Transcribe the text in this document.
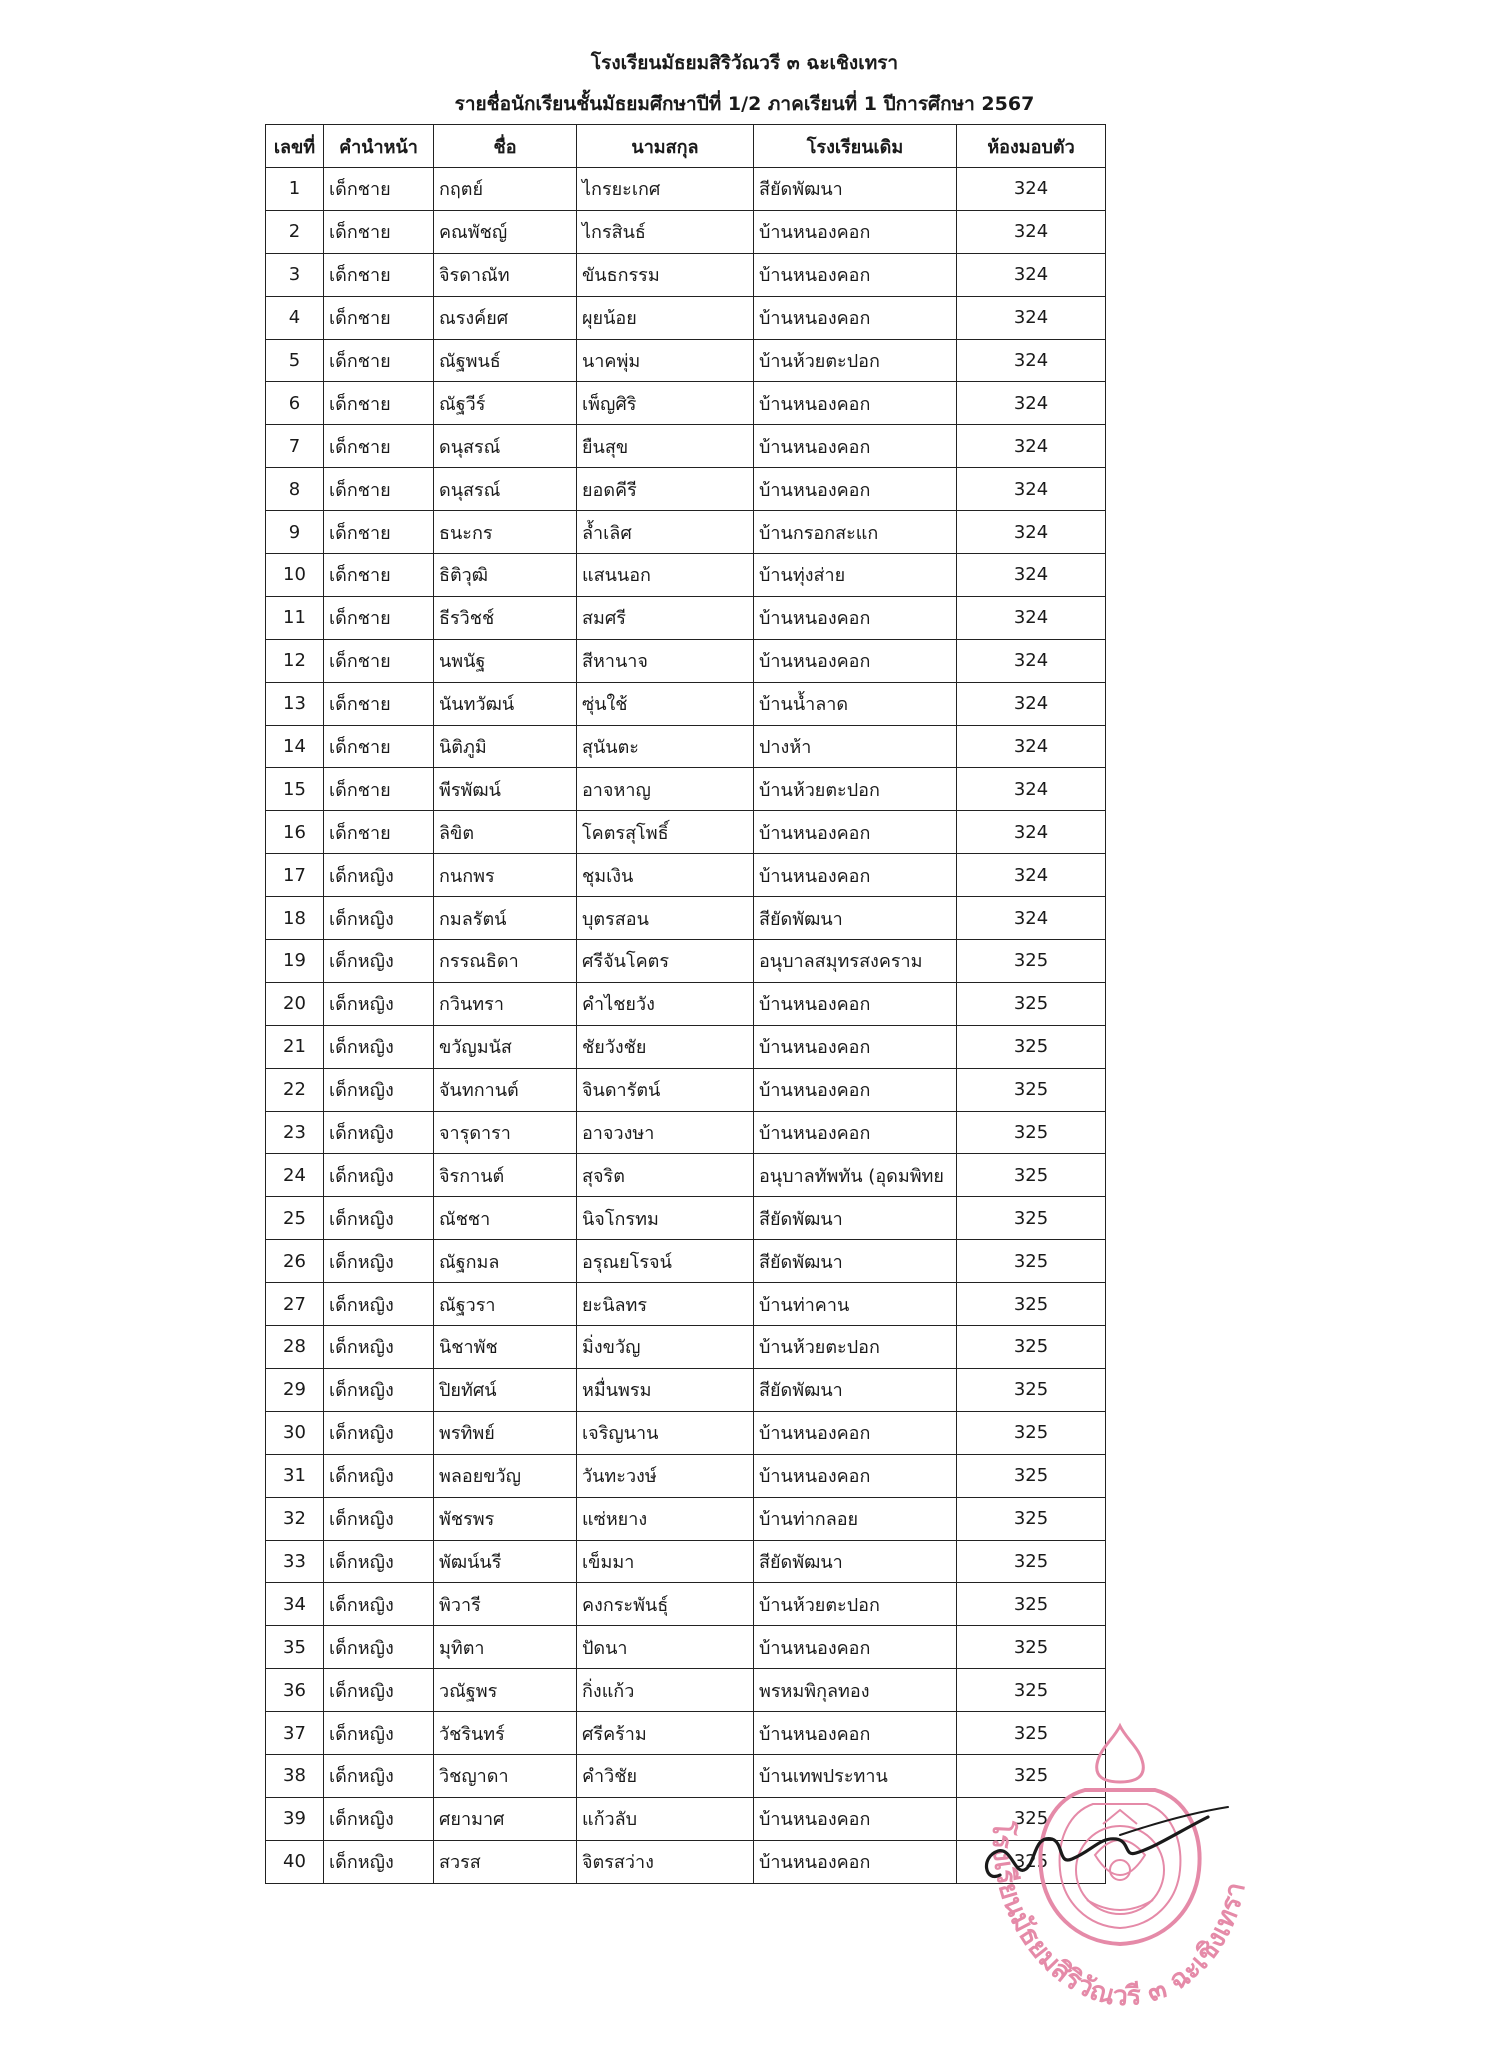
โรงเรียนมัธยมสิริวัณวรี ๓ ฉะเชิงเทรา
รายชื่อนักเรียนชั้นมัธยมศึกษาปีที่ 1/2 ภาคเรียนที่ 1 ปีการศึกษา 2567
เลขที่	คำนำหน้า	ชื่อ	นามสกุล	โรงเรียนเดิม	ห้องมอบตัว
1	เด็กชาย	กฤตย์	ไกรยะเกศ	สียัดพัฒนา	324
2	เด็กชาย	คณพัชญ์	ไกรสินธ์	บ้านหนองคอก	324
3	เด็กชาย	จิรดาณัท	ขันธกรรม	บ้านหนองคอก	324
4	เด็กชาย	ณรงค์ยศ	ผุยน้อย	บ้านหนองคอก	324
5	เด็กชาย	ณัฐพนธ์	นาคพุ่ม	บ้านห้วยตะปอก	324
6	เด็กชาย	ณัฐวีร์	เพ็ญศิริ	บ้านหนองคอก	324
7	เด็กชาย	ดนุสรณ์	ยืนสุข	บ้านหนองคอก	324
8	เด็กชาย	ดนุสรณ์	ยอดคีรี	บ้านหนองคอก	324
9	เด็กชาย	ธนะกร	ล้ำเลิศ	บ้านกรอกสะแก	324
10	เด็กชาย	ธิติวุฒิ	แสนนอก	บ้านทุ่งส่าย	324
11	เด็กชาย	ธีรวิชช์	สมศรี	บ้านหนองคอก	324
12	เด็กชาย	นพนัฐ	สีหานาจ	บ้านหนองคอก	324
13	เด็กชาย	นันทวัฒน์	ซุ่นใช้	บ้านน้ำลาด	324
14	เด็กชาย	นิติภูมิ	สุนันตะ	ปางห้า	324
15	เด็กชาย	พีรพัฒน์	อาจหาญ	บ้านห้วยตะปอก	324
16	เด็กชาย	ลิขิต	โคตรสุโพธิ์	บ้านหนองคอก	324
17	เด็กหญิง	กนกพร	ชุมเงิน	บ้านหนองคอก	324
18	เด็กหญิง	กมลรัตน์	บุตรสอน	สียัดพัฒนา	324
19	เด็กหญิง	กรรณธิดา	ศรีจันโคตร	อนุบาลสมุทรสงคราม	325
20	เด็กหญิง	กวินทรา	คำไชยวัง	บ้านหนองคอก	325
21	เด็กหญิง	ขวัญมนัส	ชัยวังชัย	บ้านหนองคอก	325
22	เด็กหญิง	จันทกานต์	จินดารัตน์	บ้านหนองคอก	325
23	เด็กหญิง	จารุดารา	อาจวงษา	บ้านหนองคอก	325
24	เด็กหญิง	จิรกานต์	สุจริต	อนุบาลทัพทัน (อุดมพิทย	325
25	เด็กหญิง	ณัชชา	นิจโกรทม	สียัดพัฒนา	325
26	เด็กหญิง	ณัฐกมล	อรุณยโรจน์	สียัดพัฒนา	325
27	เด็กหญิง	ณัฐวรา	ยะนิลทร	บ้านท่าคาน	325
28	เด็กหญิง	นิชาพัช	มิ่งขวัญ	บ้านห้วยตะปอก	325
29	เด็กหญิง	ปิยทัศน์	หมื่นพรม	สียัดพัฒนา	325
30	เด็กหญิง	พรทิพย์	เจริญนาน	บ้านหนองคอก	325
31	เด็กหญิง	พลอยขวัญ	วันทะวงษ์	บ้านหนองคอก	325
32	เด็กหญิง	พัชรพร	แซ่หยาง	บ้านท่ากลอย	325
33	เด็กหญิง	พัฒน์นรี	เข็มมา	สียัดพัฒนา	325
34	เด็กหญิง	พิวารี	คงกระพันธุ์	บ้านห้วยตะปอก	325
35	เด็กหญิง	มุทิตา	ปัดนา	บ้านหนองคอก	325
36	เด็กหญิง	วณัฐพร	กิ่งแก้ว	พรหมพิกุลทอง	325
37	เด็กหญิง	วัชรินทร์	ศรีคร้าม	บ้านหนองคอก	325
38	เด็กหญิง	วิชญาดา	คำวิชัย	บ้านเทพประทาน	325
39	เด็กหญิง	ศยามาศ	แก้วลับ	บ้านหนองคอก	325
40	เด็กหญิง	สวรส	จิตรสว่าง	บ้านหนองคอก	325
โรงเรียนมัธยมสิริวัณวรี ๓ ฉะเชิงเทรา
